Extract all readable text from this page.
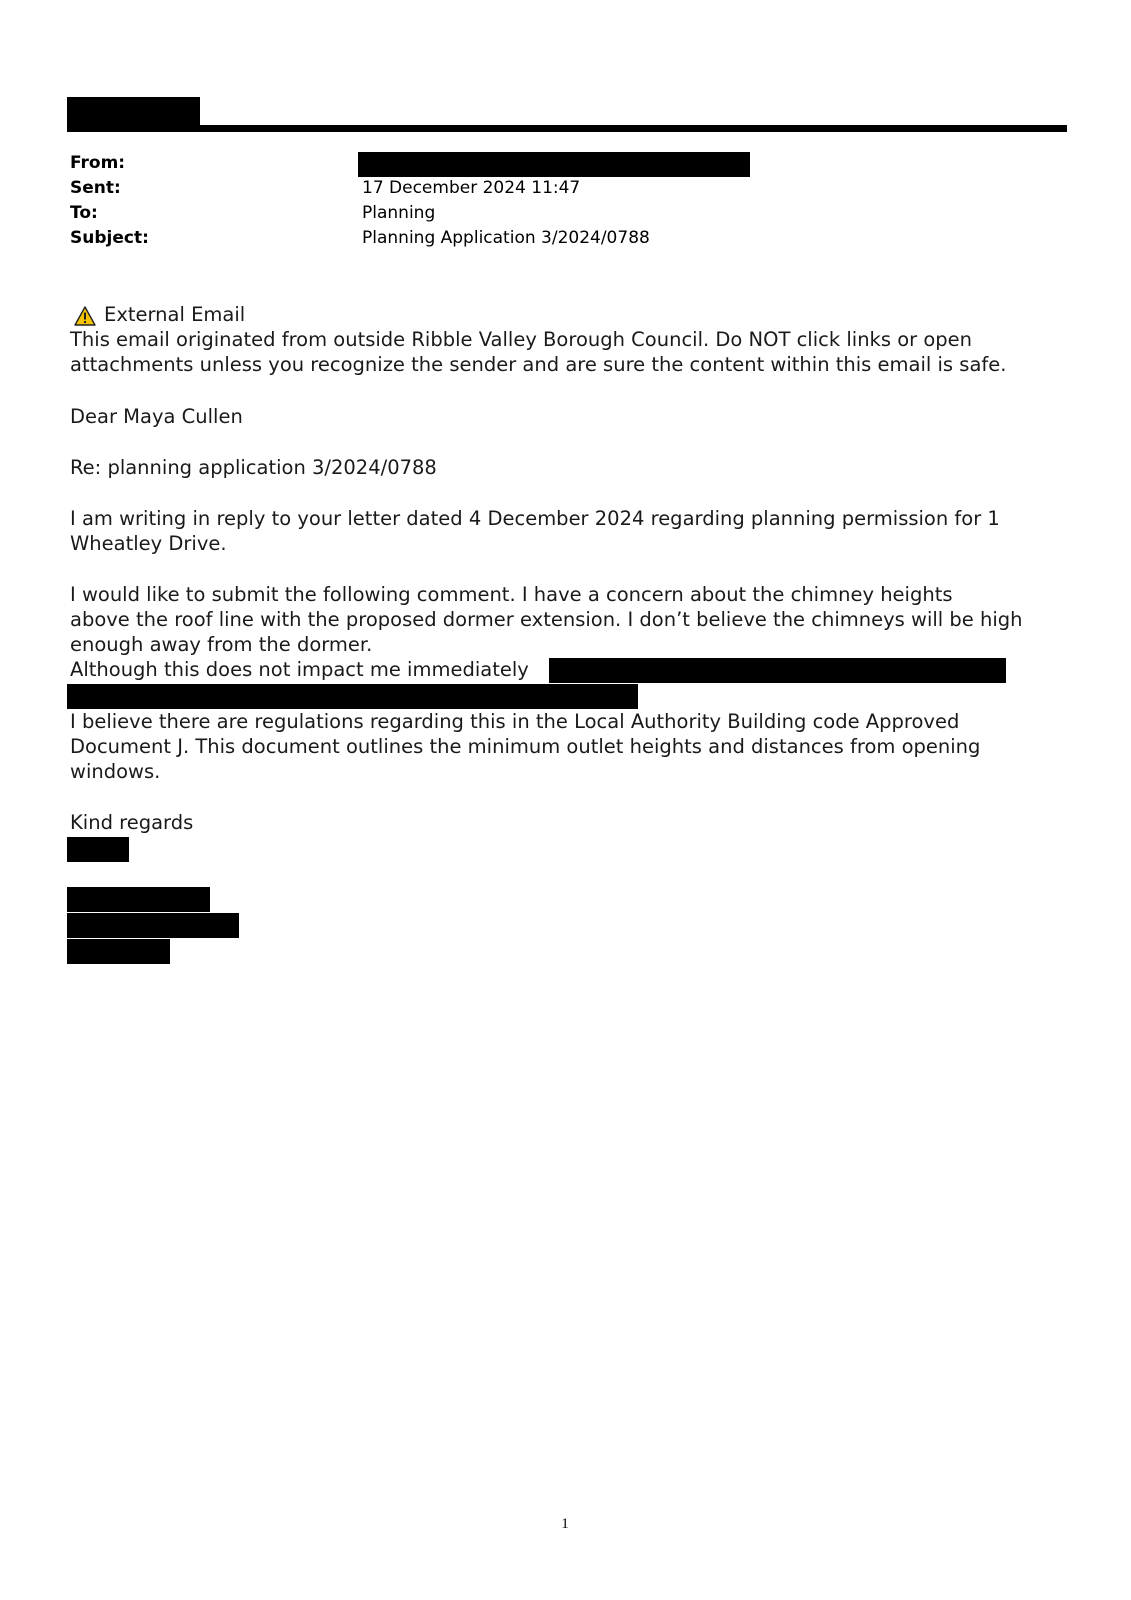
From:
Sent:	17 December 2024 11:47
To:	Planning
Subject:	Planning Application 3/2024/0788
External Email
This email originated from outside Ribble Valley Borough Council. Do NOT click links or open
attachments unless you recognize the sender and are sure the content within this email is safe.
Dear Maya Cullen
Re: planning application 3/2024/0788
I am writing in reply to your letter dated 4 December 2024 regarding planning permission for 1
Wheatley Drive.
I would like to submit the following comment. I have a concern about the chimney heights
above the roof line with the proposed dormer extension. I don’t believe the chimneys will be high
enough away from the dormer.
Although this does not impact me immediately
I believe there are regulations regarding this in the Local Authority Building code Approved
Document J. This document outlines the minimum outlet heights and distances from opening
windows.
Kind regards
1
